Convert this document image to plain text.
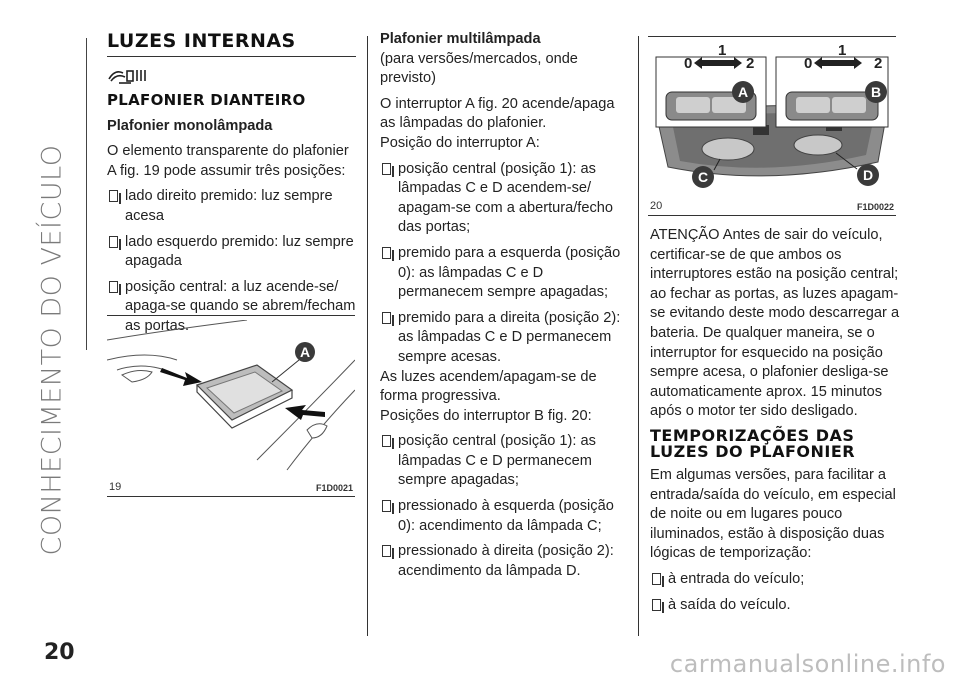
CONHECIMENTO DO VEÍCULO
20
LUZES INTERNAS
PLAFONIER DIANTEIRO

Plafonier monolâmpada

O elemento transparente do plafonier A fig. 19 pode assumir três posições:

lado direito premido: luz sempre acesa
lado esquerdo premido: luz sempre apagada
posição central: a luz acende-se/ apaga-se quando se abrem/fecham as portas.
A
19	F1D0021

Plafonier multilâmpada

(para versões/mercados, onde previsto)

O interruptor A fig. 20 acende/apaga as lâmpadas do plafonier.

Posição do interruptor A:

posição central (posição 1): as lâmpadas C e D acendem-se/ apagam-se com a abertura/fecho das portas;
premido para a esquerda (posição 0): as lâmpadas C e D permanecem sempre apagadas;
premido para a direita (posição 2): as lâmpadas C e D permanecem sempre acesas.

As luzes acendem/apagam-se de forma progressiva.

Posições do interruptor B fig. 20:

posição central (posição 1): as lâmpadas C e D permanecem sempre apagadas;
pressionado à esquerda (posição 0): acendimento da lâmpada C;
pressionado à direita (posição 2): acendimento da lâmpada D.
0
1
2	0
1
2
A	B
C	D
20	F1D0022

ATENÇÃO Antes de sair do veículo, certificar-se de que ambos os interruptores estão na posição central; ao fechar as portas, as luzes apagam-se evitando deste modo descarregar a bateria. De qualquer maneira, se o interruptor for esquecido na posição sempre acesa, o plafonier desliga-se automaticamente aprox. 15 minutos após o motor ter sido desligado.

TEMPORIZAÇÕES DAS LUZES DO PLAFONIER

Em algumas versões, para facilitar a entrada/saída do veículo, em especial de noite ou em lugares pouco iluminados, estão à disposição duas lógicas de temporização:

à entrada do veículo;
à saída do veículo.
carmanualsonline.info
